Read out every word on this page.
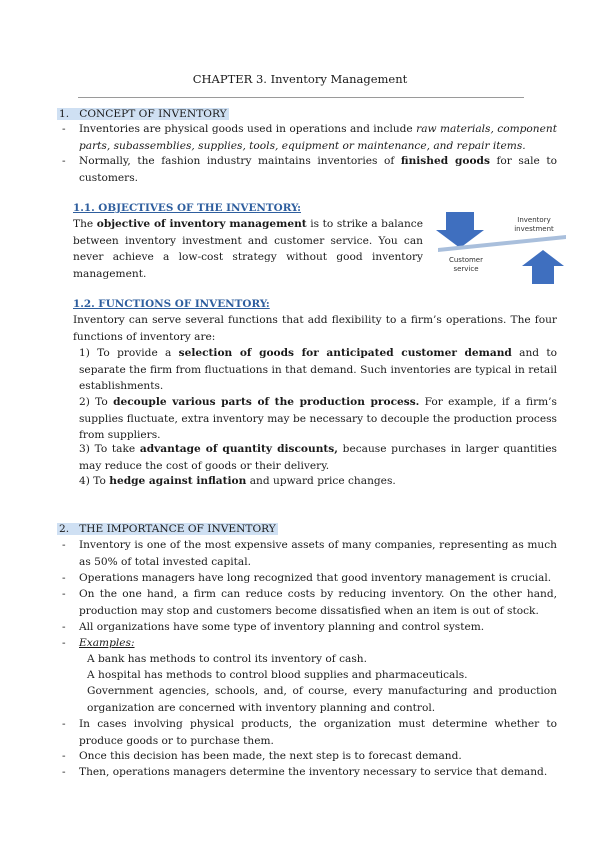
CHAPTER 3. Inventory Management
1. CONCEPT OF INVENTORY
-	Inventories are physical goods used in operations and include raw materials, component parts, subassemblies, supplies, tools, equipment or maintenance, and repair items.
-	Normally, the fashion industry maintains inventories of finished goods for sale to customers.
1.1. OBJECTIVES OF THE INVENTORY:
The objective of inventory management is to strike a balance between inventory investment and customer service. You can never achieve a low-cost strategy without good inventory management.
Inventory
investment
Customer
service
1.2. FUNCTIONS OF INVENTORY:
Inventory can serve several functions that add flexibility to a firm’s operations. The four functions of inventory are:
1) To provide a selection of goods for anticipated customer demand and to separate the firm from fluctuations in that demand. Such inventories are typical in retail establishments.
2) To decouple various parts of the production process. For example, if a firm’s supplies fluctuate, extra inventory may be necessary to decouple the production process from suppliers.
3) To take advantage of quantity discounts, because purchases in larger quantities may reduce the cost of goods or their delivery.
4) To hedge against inflation and upward price changes.
2. THE IMPORTANCE OF INVENTORY
-	Inventory is one of the most expensive assets of many companies, representing as much as 50% of total invested capital.
-	Operations managers have long recognized that good inventory management is crucial.
-	On the one hand, a firm can reduce costs by reducing inventory. On the other hand, production may stop and customers become dissatisfied when an item is out of stock.
-	All organizations have some type of inventory planning and control system.
-	Examples:
A bank has methods to control its inventory of cash.
A hospital has methods to control blood supplies and pharmaceuticals.
Government agencies, schools, and, of course, every manufacturing and production organization are concerned with inventory planning and control.
-	In cases involving physical products, the organization must determine whether to produce goods or to purchase them.
-	Once this decision has been made, the next step is to forecast demand.
-	Then, operations managers determine the inventory necessary to service that demand.
